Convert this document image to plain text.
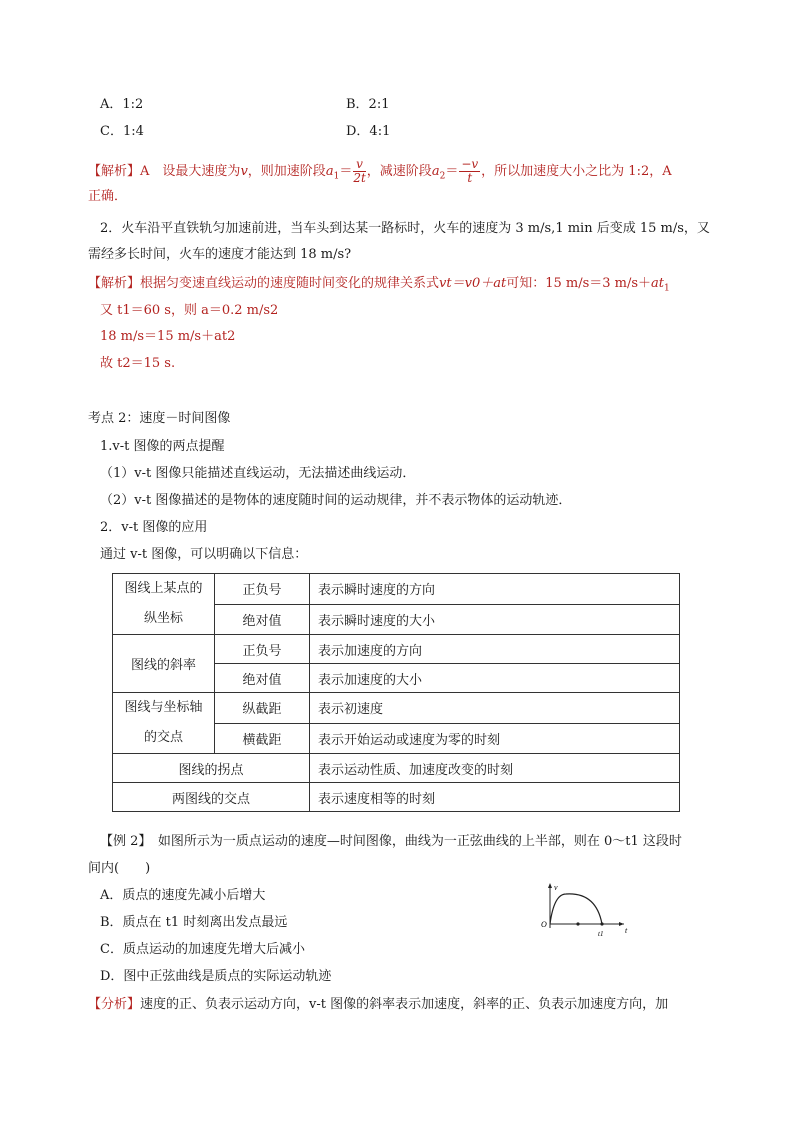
A．1:2	B．2:1
C．1:4	D．4:1
【解析】A　 设最大速度为v，则加速阶段$a_1= \frac{v}{2t}$ ，减速阶段$a_2= \frac{-v}{t}$ ，所以加速度大小之比为 1:2，A
正确．
2．火车沿平直铁轨匀加速前进，当车头到达某一路标时，火车的速度为 3 m/s,1 min 后变成 15 m/s，又
需经多长时间，火车的速度才能达到 18 m/s?
【解析】根据匀变速直线运动的速度随时间变化的规律关系式vt＝v0＋at可知：15 m/s＝3 $m/s+at_1$
又 t1＝60 s，则 a＝0.2 m/s2
18 m/s＝15 m/s＋at2
故 t2＝15 s.
考点 2：速度－时间图像
1.v-t 图像的两点提醒
（1）v-t 图像只能描述直线运动，无法描述曲线运动．
（2）v-t 图像描述的是物体的速度随时间的运动规律，并不表示物体的运动轨迹．
2．v-t 图像的应用
通过 v-t 图像，可以明确以下信息：
图线上某点的
纵坐标	正负号	表示瞬时速度的方向
	绝对值	表示瞬时速度的大小
图线的斜率	正负号	表示加速度的方向
	绝对值	表示加速度的大小
图线与坐标轴
的交点	纵截距	表示初速度
	横截距	表示开始运动或速度为零的时刻
图线的拐点		表示运动性质、加速度改变的时刻
两图线的交点		表示速度相等的时刻
【例 2】　如图所示为一质点运动的速度—时间图像，曲线为一正弦曲线的上半部，则在 0～t1 这段时
间内(　　)
A．质点的速度先减小后增大
B．质点在 t1 时刻离出发点最远
C．质点运动的加速度先增大后减小
D．图中正弦曲线是质点的实际运动轨迹
v
O
t1	t
【分析】速度的正、负表示运动方向，v-t 图像的斜率表示加速度，斜率的正、负表示加速度方向，加
